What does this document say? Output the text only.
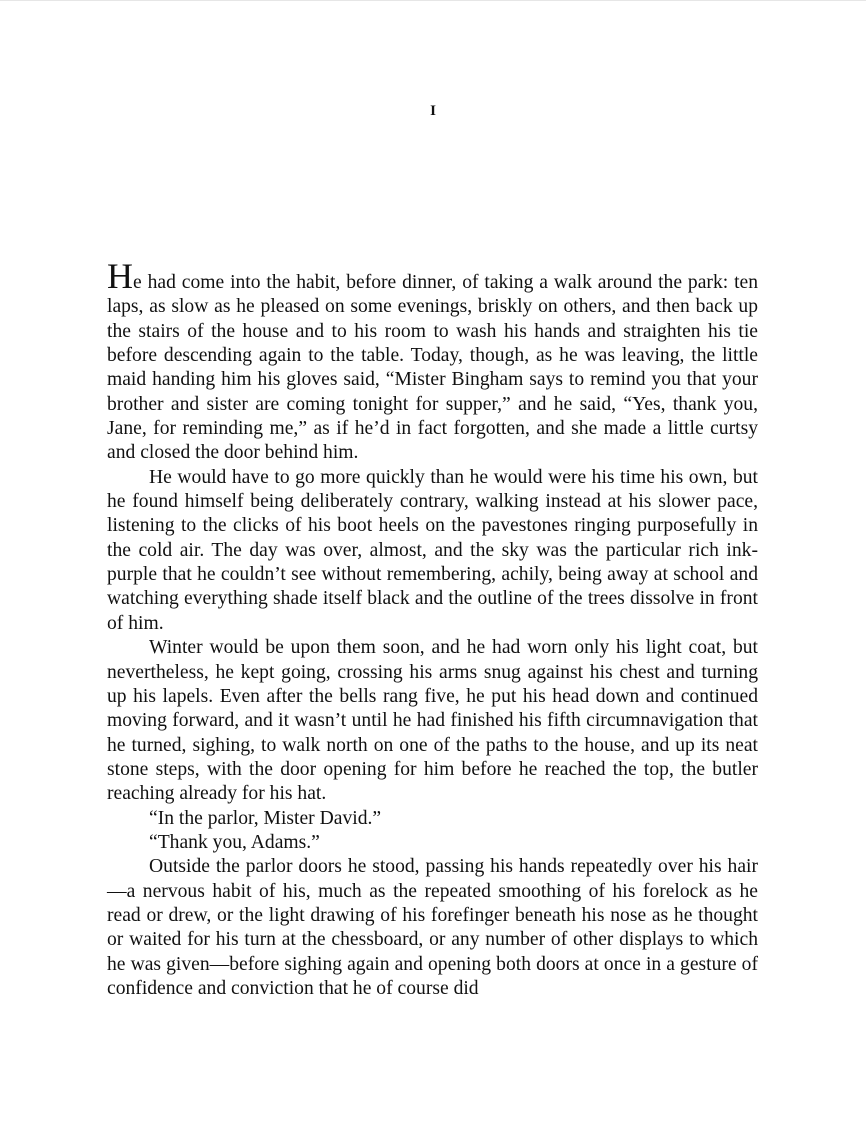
I

He had come into the habit, before dinner, of taking a walk around the park: ten laps, as slow as he pleased on some evenings, briskly on others, and then back up the stairs of the house and to his room to wash his hands and straighten his tie before descending again to the table. Today, though, as he was leaving, the little maid handing him his gloves said, “Mister Bingham says to remind you that your brother and sister are coming tonight for supper,” and he said, “Yes, thank you, Jane, for reminding me,” as if he’d in fact forgotten, and she made a little curtsy and closed the door behind him.

He would have to go more quickly than he would were his time his own, but he found himself being deliberately contrary, walking instead at his slower pace, listening to the clicks of his boot heels on the pavestones ringing purposefully in the cold air. The day was over, almost, and the sky was the particular rich ink-purple that he couldn’t see without remembering, achily, being away at school and watching everything shade itself black and the outline of the trees dissolve in front of him.

Winter would be upon them soon, and he had worn only his light coat, but nevertheless, he kept going, crossing his arms snug against his chest and turning up his lapels. Even after the bells rang five, he put his head down and continued moving forward, and it wasn’t until he had finished his fifth circumnavigation that he turned, sighing, to walk north on one of the paths to the house, and up its neat stone steps, with the door opening for him before he reached the top, the butler reaching already for his hat.

“In the parlor, Mister David.”

“Thank you, Adams.”

Outside the parlor doors he stood, passing his hands repeatedly over his hair—a nervous habit of his, much as the repeated smoothing of his forelock as he read or drew, or the light drawing of his forefinger beneath his nose as he thought or waited for his turn at the chessboard, or any number of other displays to which he was given—before sighing again and opening both doors at once in a gesture of confidence and conviction that he of course did
